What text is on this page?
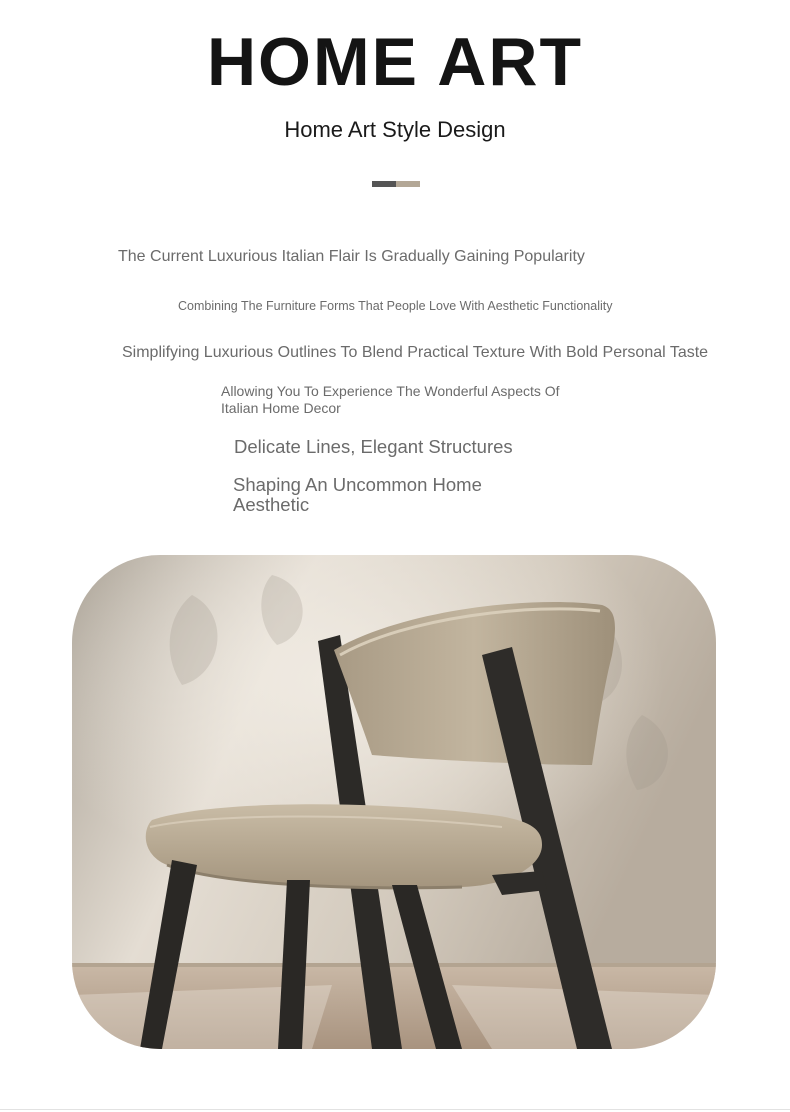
HOME ART
Home Art Style Design

The Current Luxurious Italian Flair Is Gradually Gaining Popularity

Combining The Furniture Forms That People Love With Aesthetic Functionality

Simplifying Luxurious Outlines To Blend Practical Texture With Bold Personal Taste

Allowing You To Experience The Wonderful Aspects Of Italian Home Decor

Delicate Lines, Elegant Structures

Shaping An Uncommon Home Aesthetic
